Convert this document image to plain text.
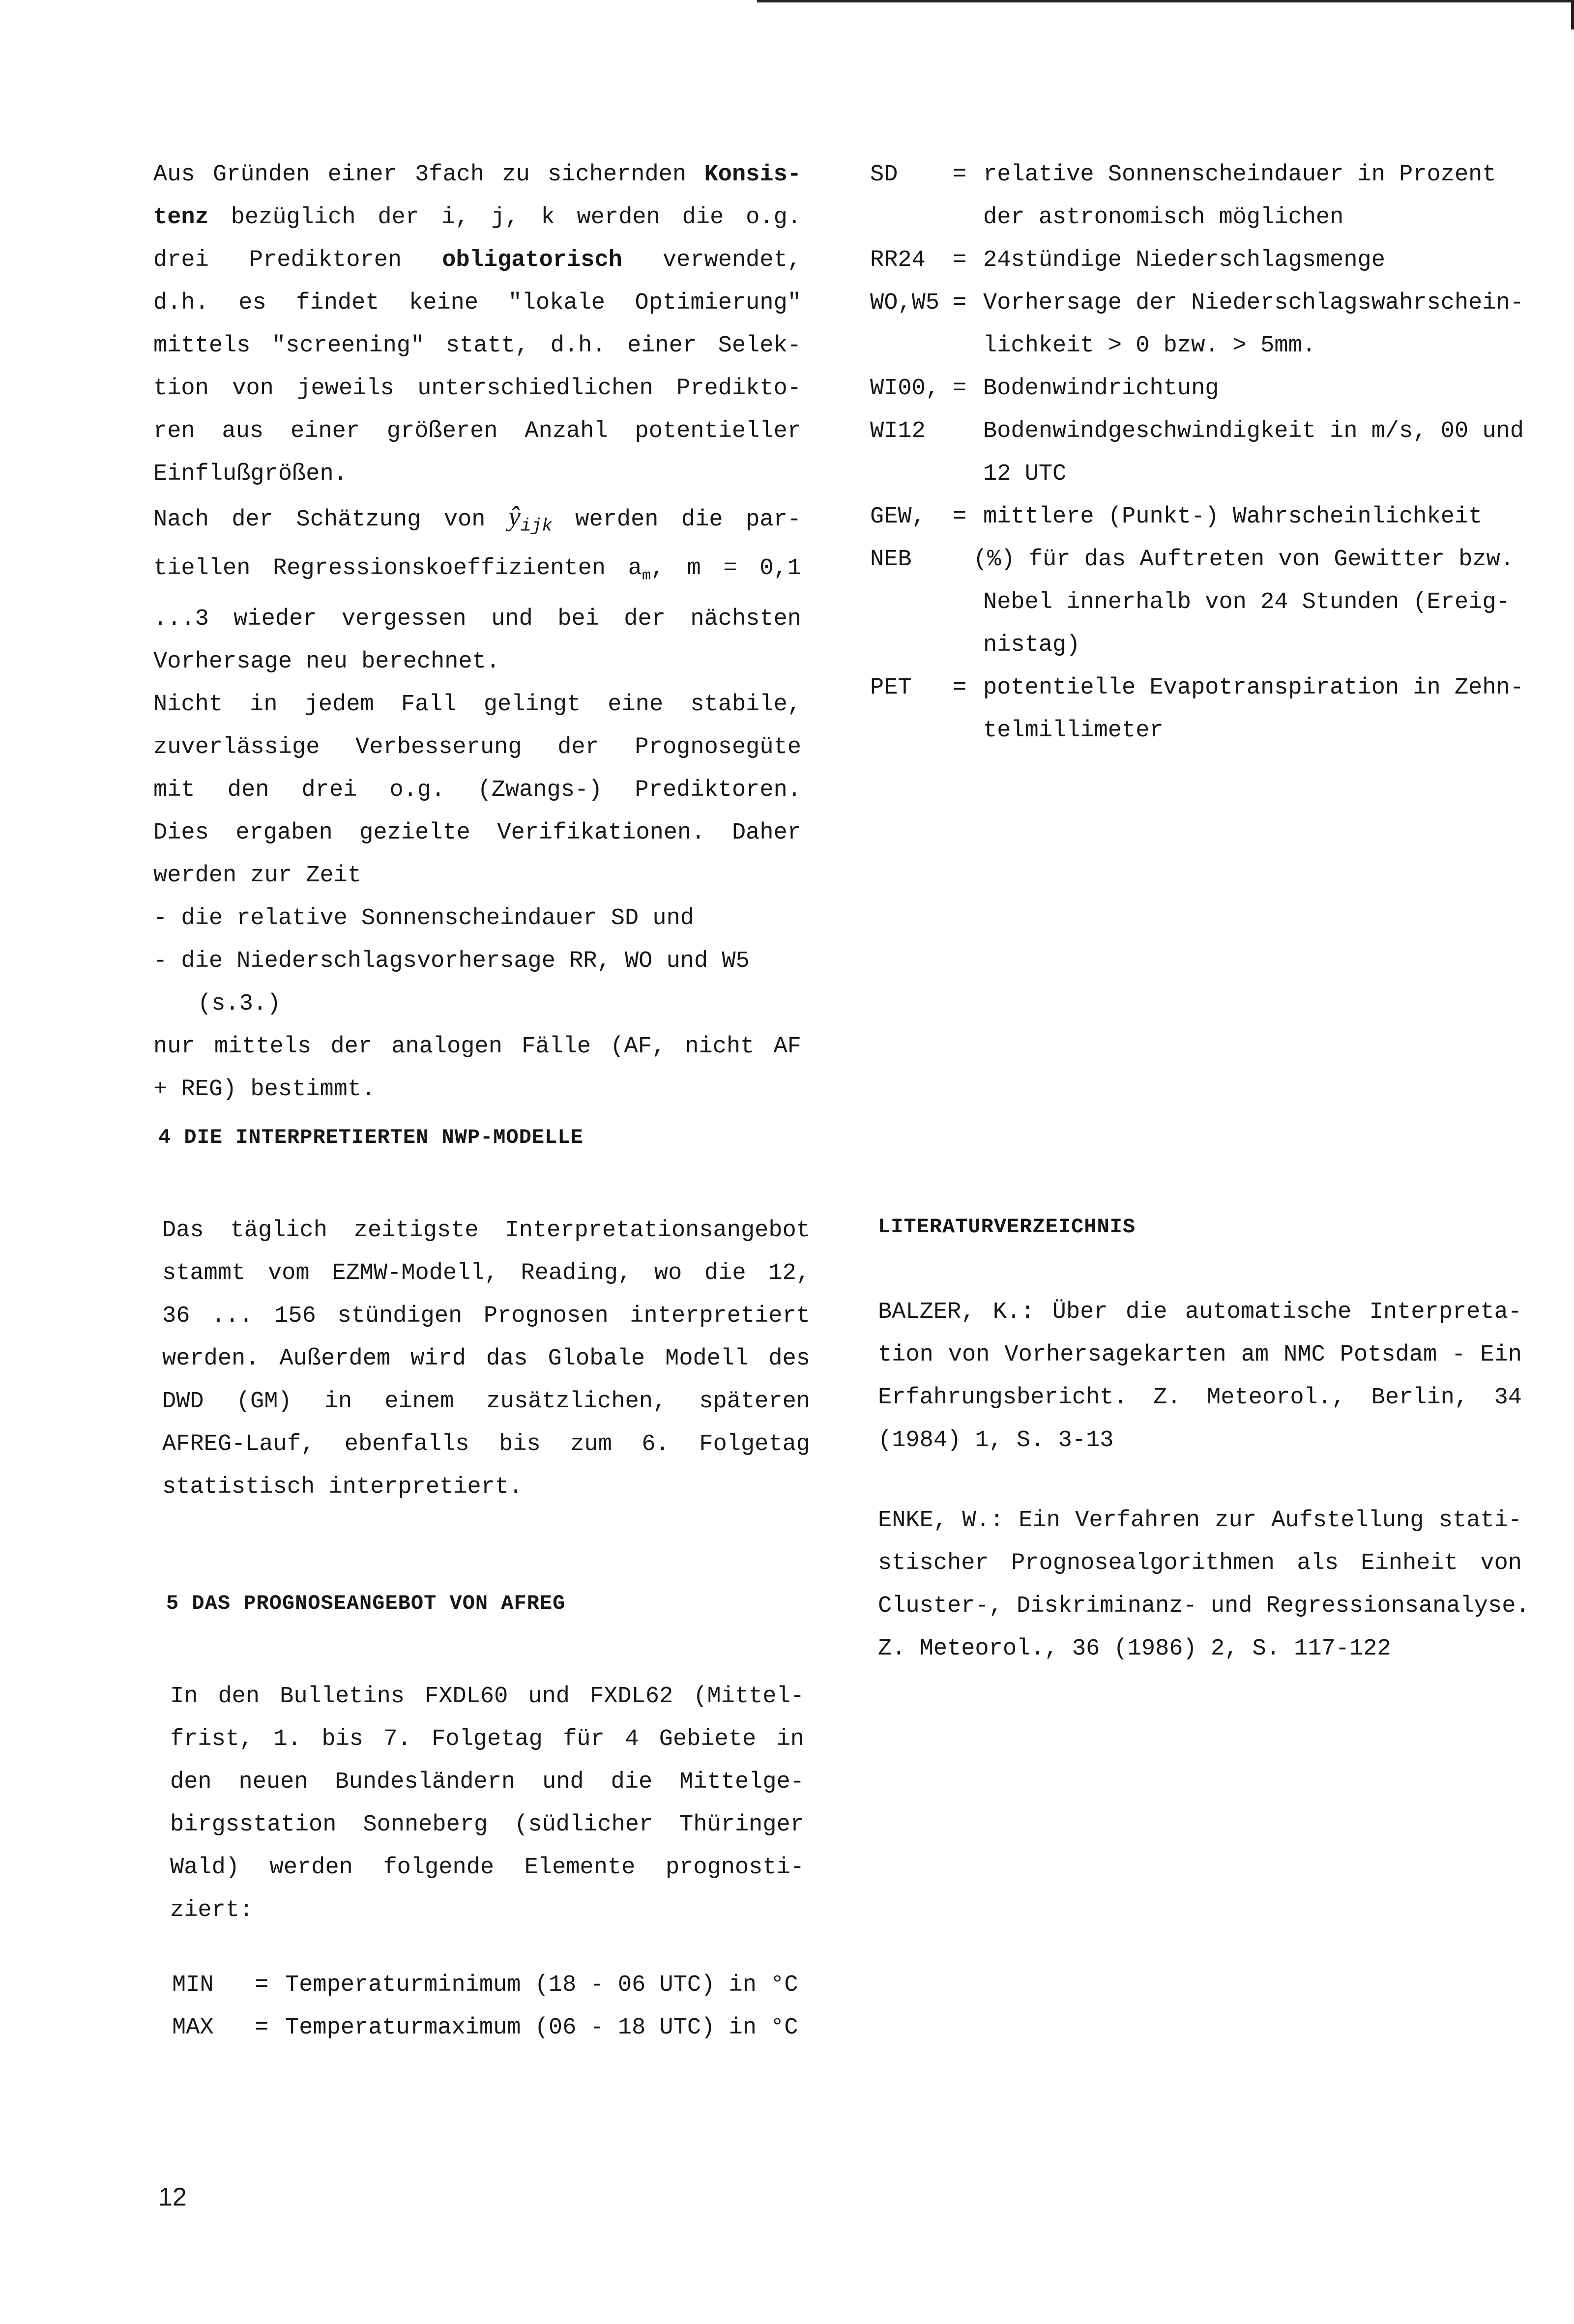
Aus Gründen einer 3fach zu sichernden Konsis-
tenz bezüglich der i, j, k werden die o.g.
drei Prediktoren obligatorisch verwendet,
d.h. es findet keine "lokale Optimierung"
mittels "screening" statt, d.h. einer Selek-
tion von jeweils unterschiedlichen Predikto-
ren aus einer größeren Anzahl potentieller
Einflußgrößen.
Nach der Schätzung von $ŷ_{ijk}$ werden die par-
tiellen Regressionskoeffizienten $a_m$, m = 0,1
...3 wieder vergessen und bei der nächsten
Vorhersage neu berechnet.
Nicht in jedem Fall gelingt eine stabile,
zuverlässige Verbesserung der Prognosegüte
mit den drei o.g. (Zwangs-) Prediktoren.
Dies ergaben gezielte Verifikationen. Daher
werden zur Zeit
- die relative Sonnenscheindauer SD und
- die Niederschlagsvorhersage RR, WO und W5
(s.3.)
nur mittels der analogen Fälle (AF, nicht AF
+ REG) bestimmt.
4 DIE INTERPRETIERTEN NWP-MODELLE
Das täglich zeitigste Interpretationsangebot
stammt vom EZMW-Modell, Reading, wo die 12,
36 ... 156 stündigen Prognosen interpretiert
werden. Außerdem wird das Globale Modell des
DWD (GM) in einem zusätzlichen, späteren
AFREG-Lauf, ebenfalls bis zum 6. Folgetag
statistisch interpretiert.
5 DAS PROGNOSEANGEBOT VON AFREG
In den Bulletins FXDL60 und FXDL62 (Mittel-
frist, 1. bis 7. Folgetag für 4 Gebiete in
den neuen Bundesländern und die Mittelge-
birgsstation Sonneberg (südlicher Thüringer
Wald) werden folgende Elemente prognosti-
ziert:
MIN = Temperaturminimum (18 - 06 UTC) in °C
MAX = Temperaturmaximum (06 - 18 UTC) in °C
SD = relative Sonnenscheindauer in Prozent
der astronomisch möglichen
RR24 = 24stündige Niederschlagsmenge
WO,W5 = Vorhersage der Niederschlagswahrschein-
lichkeit > 0 bzw. > 5mm.
WI00,
WI12
= Bodenwindrichtung
Bodenwindgeschwindigkeit in m/s, 00 und
12 UTC
GEW,
NEB
= mittlere (Punkt-) Wahrscheinlichkeit
(%) für das Auftreten von Gewitter bzw.
Nebel innerhalb von 24 Stunden (Ereig-
nistag)
PET = potentielle Evapotranspiration in Zehn-
telmillimeter
LITERATURVERZEICHNIS
BALZER, K.: Über die automatische Interpreta-
tion von Vorhersagekarten am NMC Potsdam - Ein
Erfahrungsbericht. Z. Meteorol., Berlin, 34
(1984) 1, S. 3-13
ENKE, W.: Ein Verfahren zur Aufstellung stati-
stischer Prognosealgorithmen als Einheit von
Cluster-, Diskriminanz- und Regressionsanalyse.
Z. Meteorol., 36 (1986) 2, S. 117-122
12
